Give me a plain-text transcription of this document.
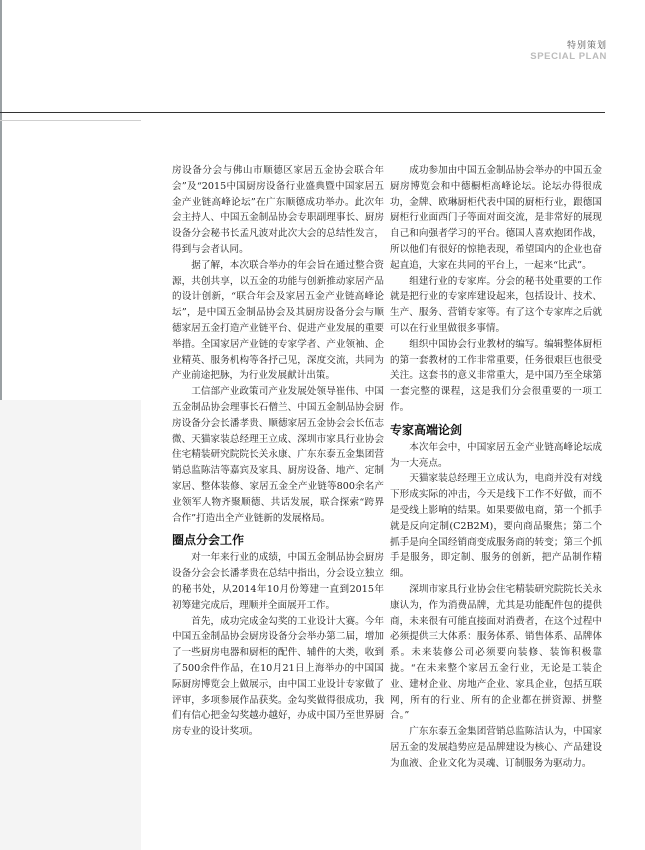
特别策划
SPECIAL PLAN

房设备分会与佛山市顺德区家居五金协会联合年会”及“2015中国厨房设备行业盛典暨中国家居五金产业链高峰论坛”在广东顺德成功举办。此次年会主持人、中国五金制品协会专职副理事长、厨房设备分会秘书长孟凡波对此次大会的总结性发言，得到与会者认同。

据了解，本次联合举办的年会旨在通过整合资源，共创共享，以五金的功能与创新推动家居产品的设计创新，“联合年会及家居五金产业链高峰论坛”，是中国五金制品协会及其厨房设备分会与顺德家居五金打造产业链平台、促进产业发展的重要举措。全国家居产业链的专家学者、产业领袖、企业精英、服务机构等各抒己见，深度交流，共同为产业前途把脉，为行业发展献计出策。

工信部产业政策司产业发展处领导崔伟、中国五金制品协会理事长石僧兰、中国五金制品协会厨房设备分会长潘孝贵、顺德家居五金协会会长伍志微、天猫家装总经理王立成、深圳市家具行业协会住宅精装研究院院长关永康、广东东泰五金集团营销总监陈洁等嘉宾及家具、厨房设备、地产、定制家居、整体装修、家居五金全产业链等800余名产业领军人物齐聚顺德、共话发展，联合探索“跨界合作”打造出全产业链新的发展格局。

圈点分会工作

对一年来行业的成绩，中国五金制品协会厨房设备分会会长潘孝贵在总结中指出，分会设立独立的秘书处，从2014年10月份筹建一直到2015年初筹建完成后，理顺并全面展开工作。

首先，成功完成金勾奖的工业设计大赛。今年中国五金制品协会厨房设备分会举办第二届，增加了一些厨房电器和厨柜的配件、辅件的大类，收到了500余件作品，在10月21日上海举办的中国国际厨房博览会上做展示，由中国工业设计专家做了评审，多项参展作品获奖。金勾奖做得很成功，我们有信心把金勾奖越办越好，办成中国乃至世界厨房专业的设计奖项。

成功参加由中国五金制品协会举办的中国五金厨房博览会和中德橱柜高峰论坛。论坛办得很成功，金牌、欧琳厨柜代表中国的厨柜行业，跟德国厨柜行业面西门子等面对面交流，是非常好的展现自己和向强者学习的平台。德国人喜欢抱团作战，所以他们有很好的惊艳表现，希望国内的企业也奋起直追，大家在共同的平台上，一起来“比武”。

组建行业的专家库。分会的秘书处重要的工作就是把行业的专家库建设起来，包括设计、技术、生产、服务、营销专家等。有了这个专家库之后就可以在行业里做很多事情。

组织中国协会行业教材的编写。编辑整体厨柜的第一套教材的工作非常重要，任务很艰巨也很受关注。这套书的意义非常重大，是中国乃至全球第一套完整的课程，这是我们分会很重要的一项工作。

专家高端论剑

本次年会中，中国家居五金产业链高峰论坛成为一大亮点。

天猫家装总经理王立成认为，电商并没有对线下形成实际的冲击，今天是线下工作不好做，而不是受线上影响的结果。如果要做电商，第一个抓手就是反向定制(C2B2M)，要向商品聚焦；第二个抓手是向全国经销商变成服务商的转变；第三个抓手是服务，即定制、服务的创新，把产品制作精细。

深圳市家具行业协会住宅精装研究院院长关永康认为，作为消费品牌，尤其是功能配件包的提供商，未来很有可能直接面对消费者，在这个过程中必须提供三大体系：服务体系、销售体系、品牌体系。未来装修公司必须要向装修、装饰积极靠拢。“在未来整个家居五金行业，无论是工装企业、建材企业、房地产企业、家具企业，包括互联网，所有的行业、所有的企业都在拼资源、拼整合。”

广东东泰五金集团营销总监陈洁认为，中国家居五金的发展趋势应是品牌建设为核心、产品建设为血液、企业文化为灵魂、订制服务为驱动力。
